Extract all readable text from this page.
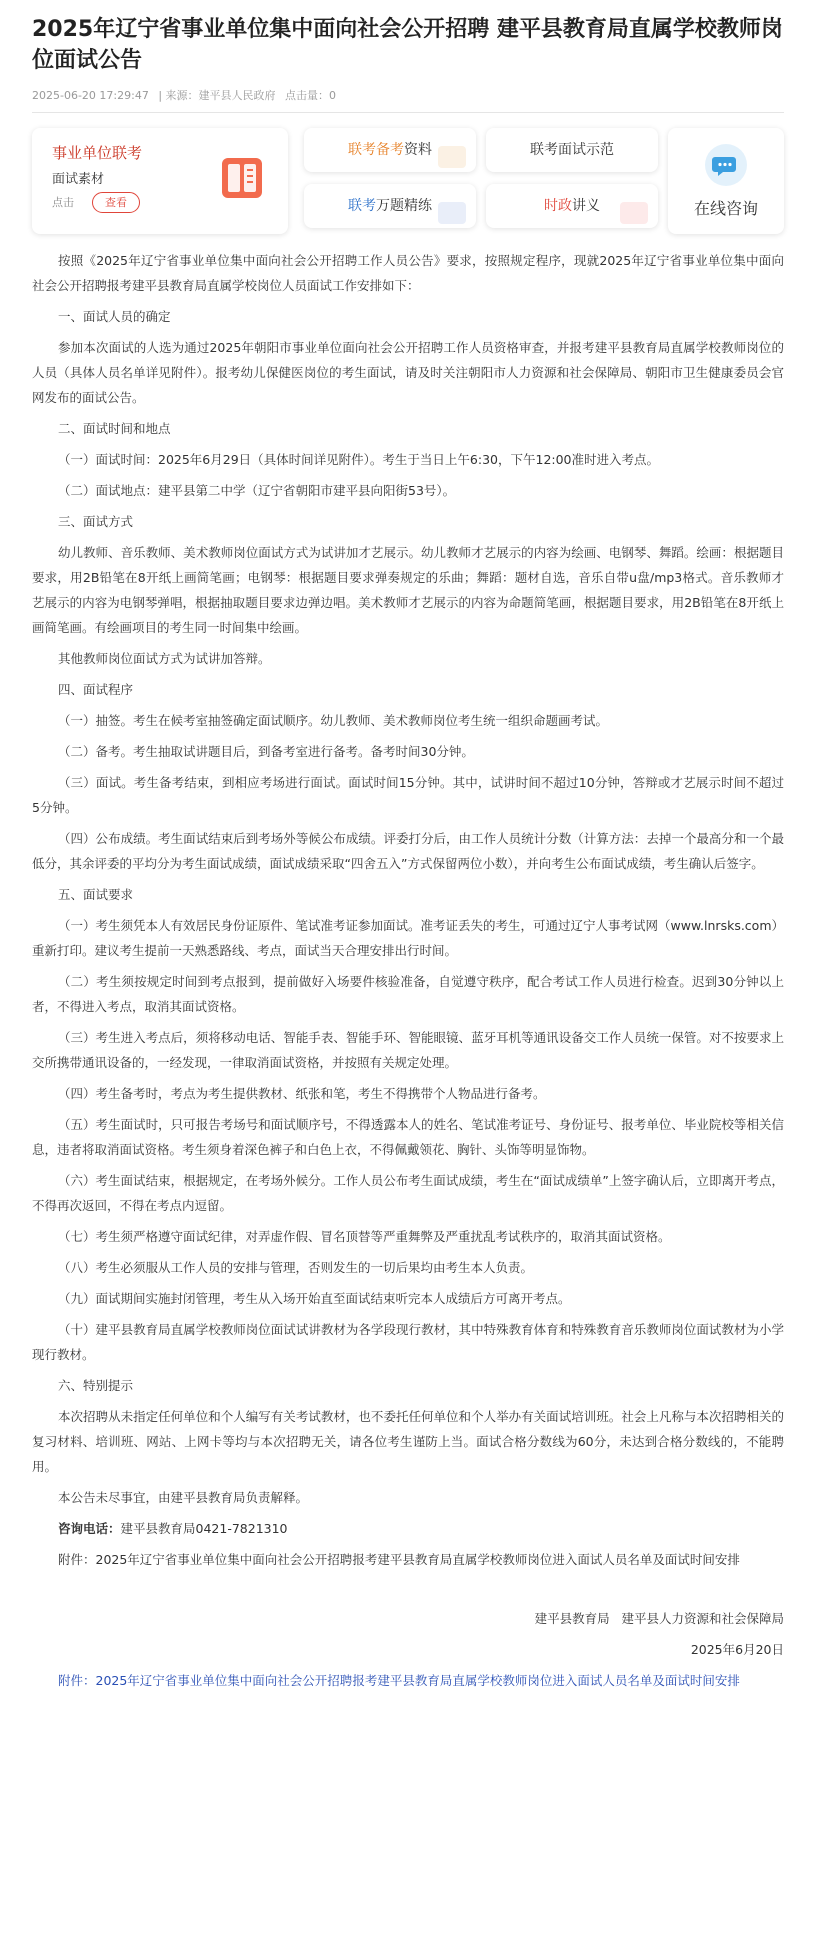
2025年辽宁省事业单位集中面向社会公开招聘 建平县教育局直属学校教师岗位面试公告
2025-06-20 17:29:47 | 来源：建平县人民政府 点击量：0
事业单位联考
面试素材
点击	查看
联考备考资料	联考面试示范
联考万题精练	时政讲义	在线咨询

按照《2025年辽宁省事业单位集中面向社会公开招聘工作人员公告》要求，按照规定程序，现就2025年辽宁省事业单位集中面向社会公开招聘报考建平县教育局直属学校岗位人员面试工作安排如下：

一、面试人员的确定

参加本次面试的人选为通过2025年朝阳市事业单位面向社会公开招聘工作人员资格审查，并报考建平县教育局直属学校教师岗位的人员（具体人员名单详见附件）。报考幼儿保健医岗位的考生面试，请及时关注朝阳市人力资源和社会保障局、朝阳市卫生健康委员会官网发布的面试公告。

二、面试时间和地点

（一）面试时间：2025年6月29日（具体时间详见附件）。考生于当日上午6:30，下午12:00准时进入考点。

（二）面试地点：建平县第二中学（辽宁省朝阳市建平县向阳街53号）。

三、面试方式

幼儿教师、音乐教师、美术教师岗位面试方式为试讲加才艺展示。幼儿教师才艺展示的内容为绘画、电钢琴、舞蹈。绘画：根据题目要求，用2B铅笔在8开纸上画简笔画；电钢琴：根据题目要求弹奏规定的乐曲；舞蹈：题材自选，音乐自带u盘/mp3格式。音乐教师才艺展示的内容为电钢琴弹唱，根据抽取题目要求边弹边唱。美术教师才艺展示的内容为命题简笔画，根据题目要求，用2B铅笔在8开纸上画简笔画。有绘画项目的考生同一时间集中绘画。

其他教师岗位面试方式为试讲加答辩。

四、面试程序

（一）抽签。考生在候考室抽签确定面试顺序。幼儿教师、美术教师岗位考生统一组织命题画考试。

（二）备考。考生抽取试讲题目后，到备考室进行备考。备考时间30分钟。

（三）面试。考生备考结束，到相应考场进行面试。面试时间15分钟。其中，试讲时间不超过10分钟，答辩或才艺展示时间不超过5分钟。

（四）公布成绩。考生面试结束后到考场外等候公布成绩。评委打分后，由工作人员统计分数（计算方法：去掉一个最高分和一个最低分，其余评委的平均分为考生面试成绩，面试成绩采取“四舍五入”方式保留两位小数），并向考生公布面试成绩，考生确认后签字。

五、面试要求

（一）考生须凭本人有效居民身份证原件、笔试准考证参加面试。准考证丢失的考生，可通过辽宁人事考试网（www.lnrsks.com）重新打印。建议考生提前一天熟悉路线、考点，面试当天合理安排出行时间。

（二）考生须按规定时间到考点报到，提前做好入场要件核验准备，自觉遵守秩序，配合考试工作人员进行检查。迟到30分钟以上者，不得进入考点，取消其面试资格。

（三）考生进入考点后，须将移动电话、智能手表、智能手环、智能眼镜、蓝牙耳机等通讯设备交工作人员统一保管。对不按要求上交所携带通讯设备的，一经发现，一律取消面试资格，并按照有关规定处理。

（四）考生备考时，考点为考生提供教材、纸张和笔，考生不得携带个人物品进行备考。

（五）考生面试时，只可报告考场号和面试顺序号，不得透露本人的姓名、笔试准考证号、身份证号、报考单位、毕业院校等相关信息，违者将取消面试资格。考生须身着深色裤子和白色上衣，不得佩戴领花、胸针、头饰等明显饰物。

（六）考生面试结束，根据规定，在考场外候分。工作人员公布考生面试成绩，考生在“面试成绩单”上签字确认后，立即离开考点，不得再次返回，不得在考点内逗留。

（七）考生须严格遵守面试纪律，对弄虚作假、冒名顶替等严重舞弊及严重扰乱考试秩序的，取消其面试资格。

（八）考生必须服从工作人员的安排与管理，否则发生的一切后果均由考生本人负责。

（九）面试期间实施封闭管理，考生从入场开始直至面试结束听完本人成绩后方可离开考点。

（十）建平县教育局直属学校教师岗位面试试讲教材为各学段现行教材，其中特殊教育体育和特殊教育音乐教师岗位面试教材为小学现行教材。

六、特别提示

本次招聘从未指定任何单位和个人编写有关考试教材，也不委托任何单位和个人举办有关面试培训班。社会上凡称与本次招聘相关的复习材料、培训班、网站、上网卡等均与本次招聘无关，请各位考生谨防上当。面试合格分数线为60分，未达到合格分数线的，不能聘用。

本公告未尽事宜，由建平县教育局负责解释。

咨询电话：建平县教育局0421-7821310

附件：2025年辽宁省事业单位集中面向社会公开招聘报考建平县教育局直属学校教师岗位进入面试人员名单及面试时间安排

建平县教育局   建平县人力资源和社会保障局

2025年6月20日

附件：2025年辽宁省事业单位集中面向社会公开招聘报考建平县教育局直属学校教师岗位进入面试人员名单及面试时间安排
